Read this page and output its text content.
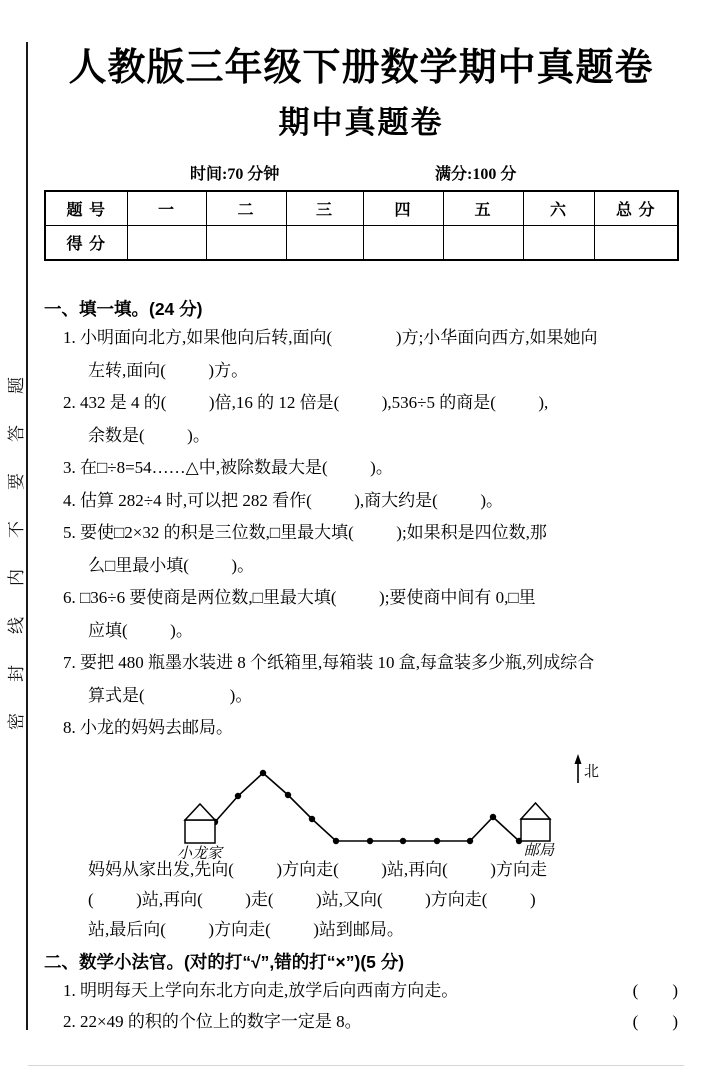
密封线内不要答题
人教版三年级下册数学期中真题卷
期中真题卷
时间:70 分钟	满分:100 分
题 号	一	二	三	四	五	六	总 分
得 分							
一、填一填。(24 分)
1. 小明面向北方,如果他向后转,面向(               )方;小华面向西方,如果她向
左转,面向(          )方。
2. 432 是 4 的(          )倍,16 的 12 倍是(          ),536÷5 的商是(          ),
余数是(          )。
3. 在□÷8=54……△中,被除数最大是(          )。
4. 估算 282÷4 时,可以把 282 看作(          ),商大约是(          )。
5. 要使□2×32 的积是三位数,□里最大填(          );如果积是四位数,那
么□里最小填(          )。
6. □36÷6 要使商是两位数,□里最大填(          );要使商中间有 0,□里
应填(          )。
7. 要把 480 瓶墨水装进 8 个纸箱里,每箱装 10 盒,每盒装多少瓶,列成综合
算式是(                    )。
8. 小龙的妈妈去邮局。
北
小龙家	邮局
妈妈从家出发,先向(          )方向走(          )站,再向(          )方向走
(          )站,再向(          )走(          )站,又向(          )方向走(          )
站,最后向(          )方向走(          )站到邮局。
二、数学小法官。(对的打“√”,错的打“×”)(5 分)
1. 明明每天上学向东北方向走,放学后向西南方向走。	(        )
2. 22×49 的积的个位上的数字一定是 8。	(        )
